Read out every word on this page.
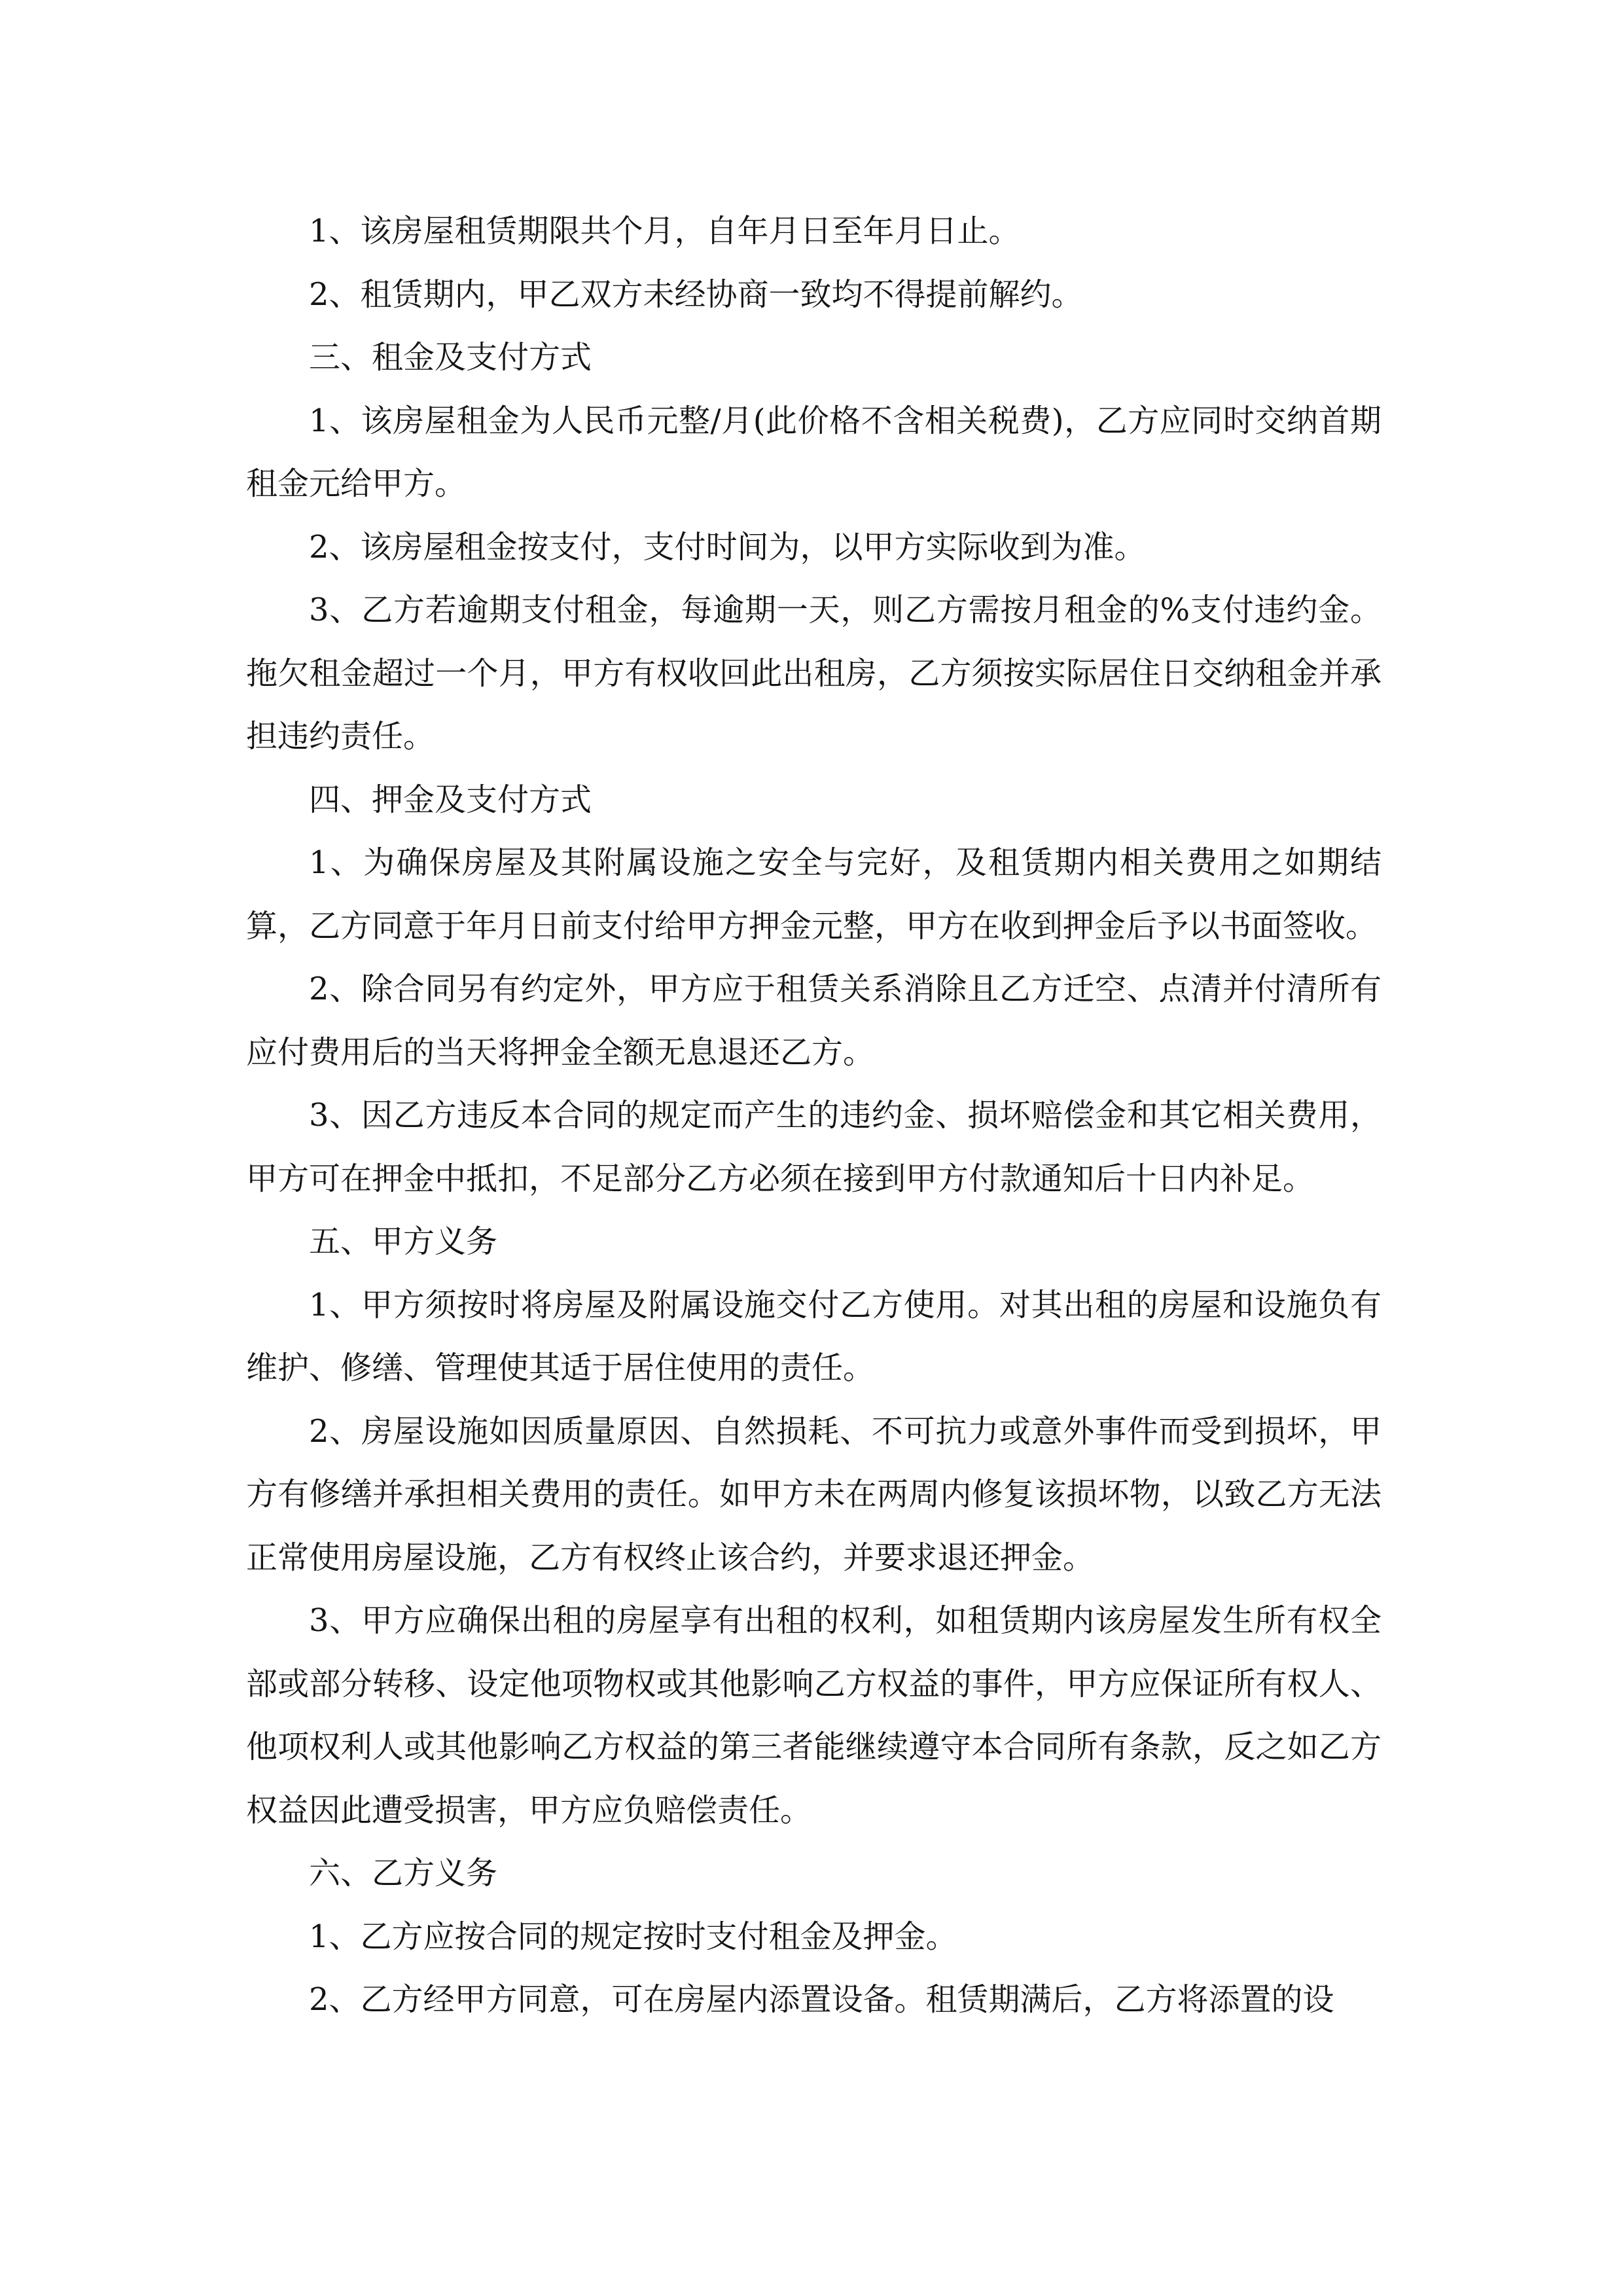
1、该房屋租赁期限共个月，自年月日至年月日止。

2、租赁期内，甲乙双方未经协商一致均不得提前解约。

三、租金及支付方式

1、该房屋租金为人民币元整/月(此价格不含相关税费)，乙方应同时交纳首期租金元给甲方。

2、该房屋租金按支付，支付时间为，以甲方实际收到为准。

3、乙方若逾期支付租金，每逾期一天，则乙方需按月租金的%支付违约金。拖欠租金超过一个月，甲方有权收回此出租房，乙方须按实际居住日交纳租金并承担违约责任。

四、押金及支付方式

1、为确保房屋及其附属设施之安全与完好，及租赁期内相关费用之如期结算，乙方同意于年月日前支付给甲方押金元整，甲方在收到押金后予以书面签收。

2、除合同另有约定外，甲方应于租赁关系消除且乙方迁空、点清并付清所有应付费用后的当天将押金全额无息退还乙方。

3、因乙方违反本合同的规定而产生的违约金、损坏赔偿金和其它相关费用，甲方可在押金中抵扣，不足部分乙方必须在接到甲方付款通知后十日内补足。

五、甲方义务

1、甲方须按时将房屋及附属设施交付乙方使用。对其出租的房屋和设施负有维护、修缮、管理使其适于居住使用的责任。

2、房屋设施如因质量原因、自然损耗、不可抗力或意外事件而受到损坏，甲方有修缮并承担相关费用的责任。如甲方未在两周内修复该损坏物，以致乙方无法正常使用房屋设施，乙方有权终止该合约，并要求退还押金。

3、甲方应确保出租的房屋享有出租的权利，如租赁期内该房屋发生所有权全部或部分转移、设定他项物权或其他影响乙方权益的事件，甲方应保证所有权人、他项权利人或其他影响乙方权益的第三者能继续遵守本合同所有条款，反之如乙方权益因此遭受损害，甲方应负赔偿责任。

六、乙方义务

1、乙方应按合同的规定按时支付租金及押金。

2、乙方经甲方同意，可在房屋内添置设备。租赁期满后，乙方将添置的设
